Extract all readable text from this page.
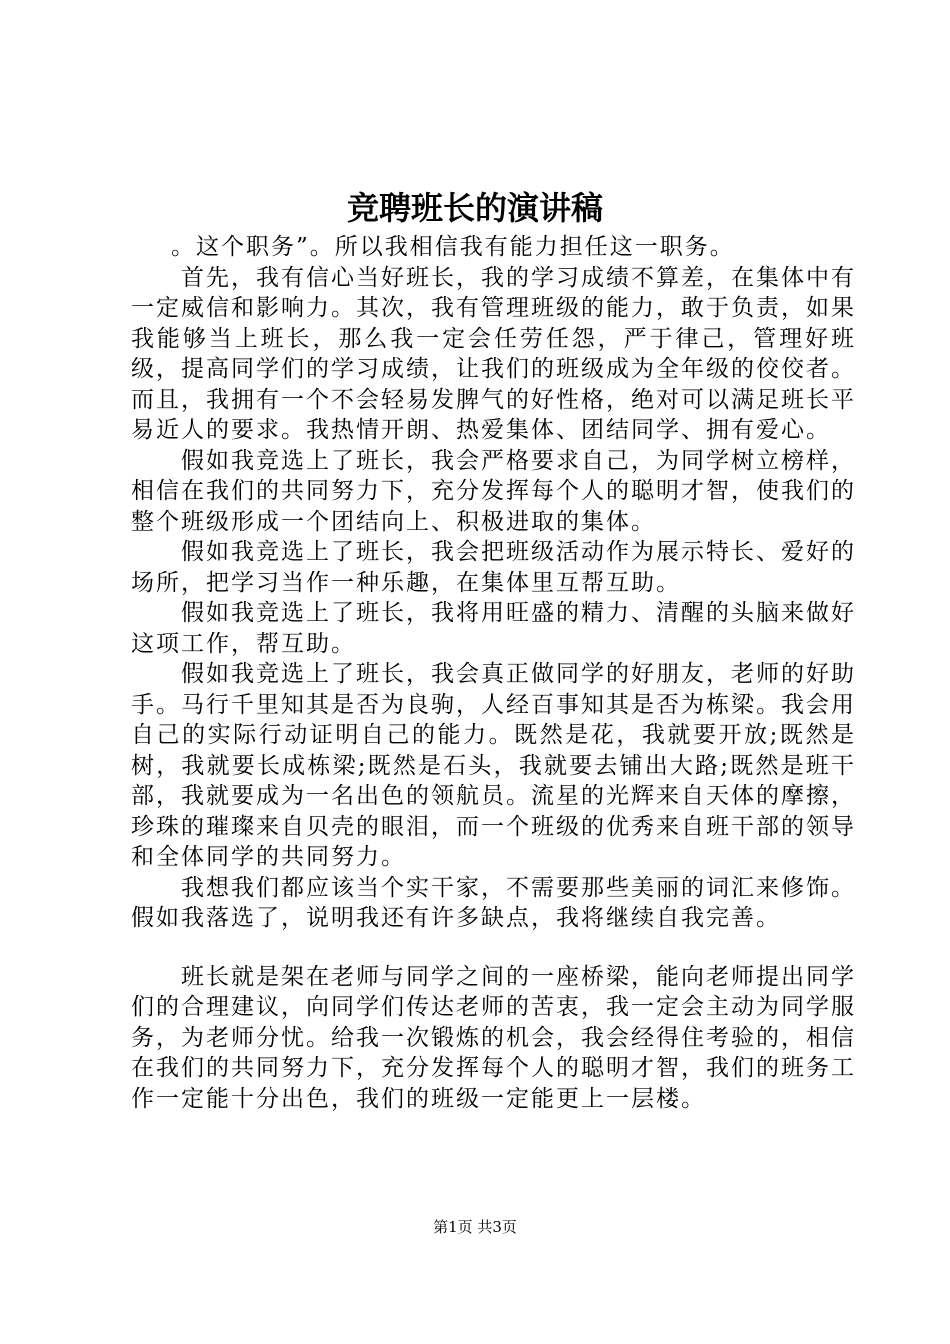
竞聘班长的演讲稿

。这个职务”。所以我相信我有能力担任这一职务。

首先，我有信心当好班长，我的学习成绩不算差，在集体中有一定威信和影响力。其次，我有管理班级的能力，敢于负责，如果我能够当上班长，那么我一定会任劳任怨，严于律己，管理好班级，提高同学们的学习成绩，让我们的班级成为全年级的佼佼者。而且，我拥有一个不会轻易发脾气的好性格，绝对可以满足班长平易近人的要求。我热情开朗、热爱集体、团结同学、拥有爱心。

假如我竞选上了班长，我会严格要求自己，为同学树立榜样，相信在我们的共同努力下，充分发挥每个人的聪明才智，使我们的整个班级形成一个团结向上、积极进取的集体。

假如我竞选上了班长，我会把班级活动作为展示特长、爱好的场所，把学习当作一种乐趣，在集体里互帮互助。

假如我竞选上了班长，我将用旺盛的精力、清醒的头脑来做好这项工作，帮互助。

假如我竞选上了班长，我会真正做同学的好朋友，老师的好助手。马行千里知其是否为良驹，人经百事知其是否为栋梁。我会用自己的实际行动证明自己的能力。既然是花，我就要开放;既然是树，我就要长成栋梁;既然是石头，我就要去铺出大路;既然是班干部，我就要成为一名出色的领航员。流星的光辉来自天体的摩擦，珍珠的璀璨来自贝壳的眼泪，而一个班级的优秀来自班干部的领导和全体同学的共同努力。

我想我们都应该当个实干家，不需要那些美丽的词汇来修饰。假如我落选了，说明我还有许多缺点，我将继续自我完善。

班长就是架在老师与同学之间的一座桥梁，能向老师提出同学们的合理建议，向同学们传达老师的苦衷，我一定会主动为同学服务，为老师分忧。给我一次锻炼的机会，我会经得住考验的，相信在我们的共同努力下，充分发挥每个人的聪明才智，我们的班务工作一定能十分出色，我们的班级一定能更上一层楼。

第1页 共3页
